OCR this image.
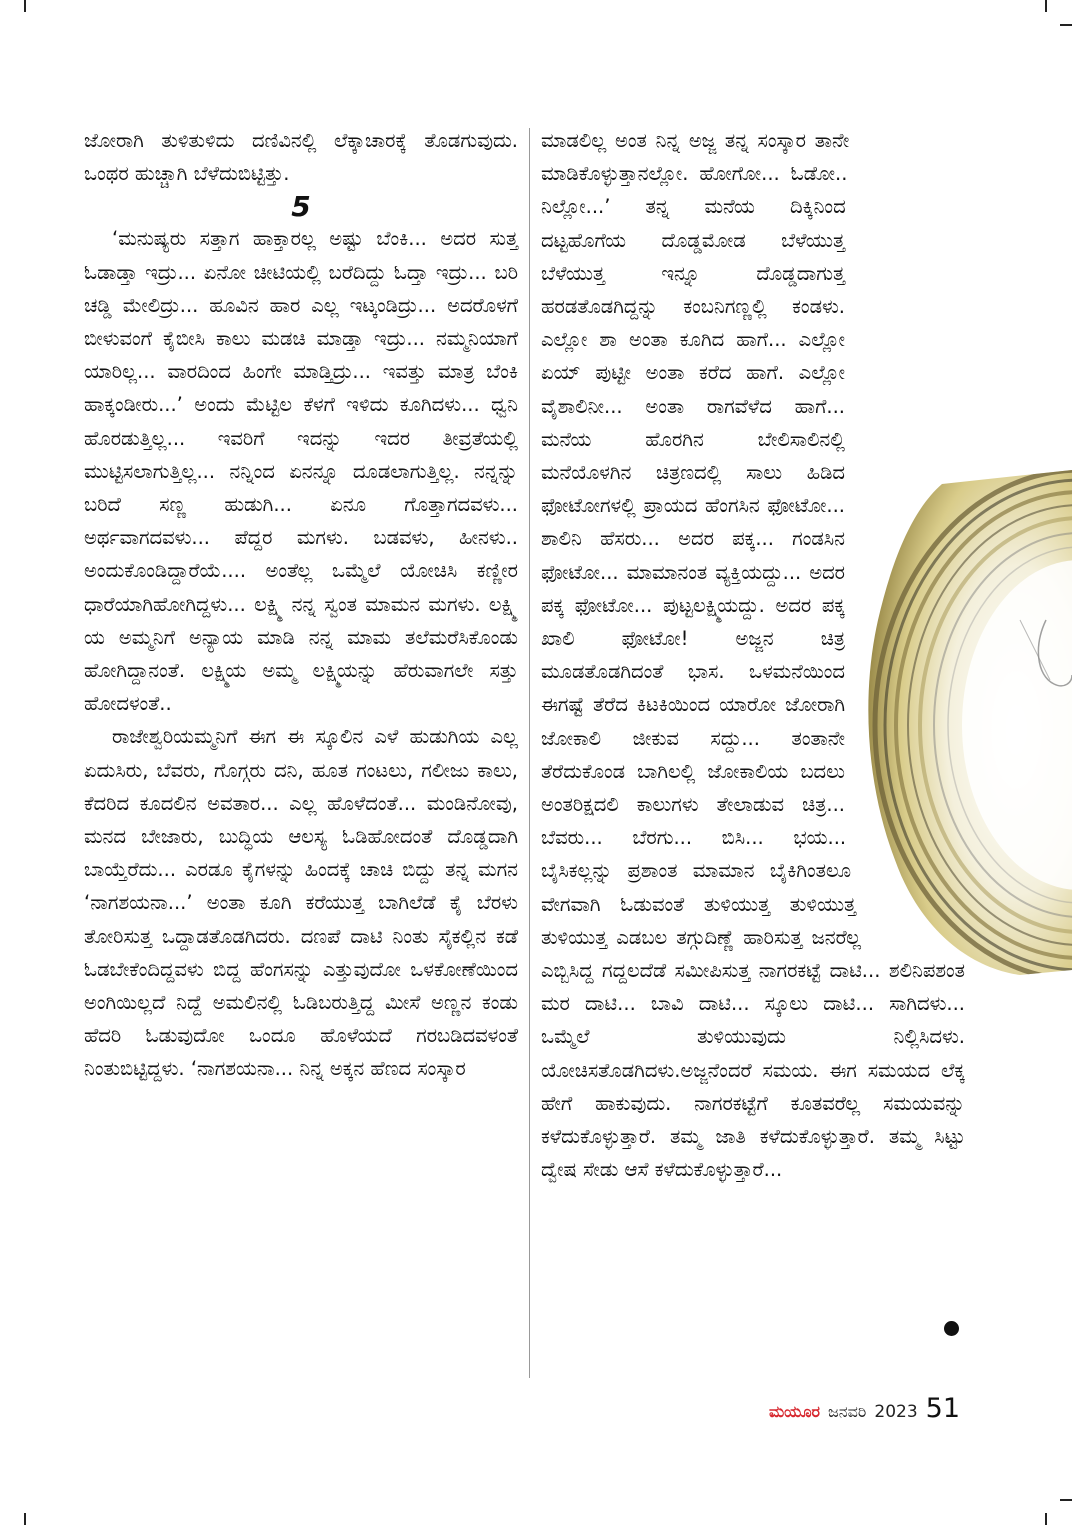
ಜೋರಾಗಿ ತುಳಿತುಳಿದು ದಣಿವಿನಲ್ಲಿ ಲೆಕ್ಕಾಚಾರಕ್ಕೆ ತೊಡಗುವುದು. ಒಂಥರ ಹುಚ್ಚಾಗಿ ಬೆಳೆದುಬಿಟ್ಟಿತ್ತು.

5

‘ಮನುಷ್ಯರು ಸತ್ತಾಗ ಹಾಕ್ತಾರಲ್ಲ ಅಷ್ಟು ಬೆಂಕಿ... ಅದರ ಸುತ್ತ ಓಡಾಡ್ತಾ ಇದ್ರು... ಏನೋ ಚೀಟಿಯಲ್ಲಿ ಬರೆದಿದ್ದು ಓದ್ತಾ ಇದ್ರು... ಬರಿ ಚಡ್ಡಿ ಮೇಲಿದ್ರು... ಹೂವಿನ ಹಾರ ಎಲ್ಲ ಇಟ್ಕಂಡಿದ್ರು... ಅದರೊಳಗೆ ಬೀಳುವಂಗೆ ಕೈಬೀಸಿ ಕಾಲು ಮಡಚಿ ಮಾಡ್ತಾ ಇದ್ರು... ನಮ್ಮನಿಯಾಗೆ ಯಾರಿಲ್ಲ... ವಾರದಿಂದ ಹಿಂಗೇ ಮಾಡ್ತಿದ್ರು... ಇವತ್ತು ಮಾತ್ರ ಬೆಂಕಿ ಹಾಕ್ಕಂಡೀರು...’ ಅಂದು ಮೆಟ್ಟಿಲ ಕೆಳಗೆ ಇಳಿದು ಕೂಗಿದಳು... ಧ್ವನಿ ಹೊರಡುತ್ತಿಲ್ಲ... ಇವರಿಗೆ ಇದನ್ನು ಇದರ ತೀವ್ರತೆಯಲ್ಲಿ ಮುಟ್ಟಿಸಲಾಗುತ್ತಿಲ್ಲ... ನನ್ನಿಂದ ಏನನ್ನೂ ದೂಡಲಾಗುತ್ತಿಲ್ಲ. ನನ್ನನ್ನು ಬರಿದೆ ಸಣ್ಣ ಹುಡುಗಿ... ಏನೂ ಗೊತ್ತಾಗದವಳು... ಅರ್ಥವಾಗದವಳು... ಪೆದ್ದರ ಮಗಳು. ಬಡವಳು, ಹೀನಳು.. ಅಂದುಕೊಂಡಿದ್ದಾರೆಯೆ.... ಅಂತೆಲ್ಲ ಒಮ್ಮೆಲೆ ಯೋಚಿಸಿ ಕಣ್ಣೀರ ಧಾರೆಯಾಗಿಹೋಗಿದ್ದಳು... ಲಕ್ಷ್ಮಿ ನನ್ನ ಸ್ವಂತ ಮಾಮನ ಮಗಳು. ಲಕ್ಷ್ಮಿ ಯ ಅಮ್ಮನಿಗೆ ಅನ್ಯಾಯ ಮಾಡಿ ನನ್ನ ಮಾಮ ತಲೆಮರೆಸಿಕೊಂಡು ಹೋಗಿದ್ದಾನಂತೆ. ಲಕ್ಷ್ಮಿಯ ಅಮ್ಮ ಲಕ್ಷ್ಮಿಯನ್ನು ಹೆರುವಾಗಲೇ ಸತ್ತು ಹೋದಳಂತೆ..

ರಾಜೇಶ್ವರಿಯಮ್ಮನಿಗೆ ಈಗ ಈ ಸ್ಕೂಲಿನ ಎಳೆ ಹುಡುಗಿಯ ಎಲ್ಲ ಏದುಸಿರು, ಬೆವರು, ಗೊಗ್ಗರು ದನಿ, ಹೂತ ಗಂಟಲು, ಗಲೀಜು ಕಾಲು, ಕೆದರಿದ ಕೂದಲಿನ ಅವತಾರ... ಎಲ್ಲ ಹೊಳೆದಂತೆ... ಮಂಡಿನೋವು, ಮನದ ಬೇಜಾರು, ಬುದ್ಧಿಯ ಆಲಸ್ಯ ಓಡಿಹೋದಂತೆ ದೊಡ್ಡದಾಗಿ ಬಾಯ್ತೆರೆದು... ಎರಡೂ ಕೈಗಳನ್ನು ಹಿಂದಕ್ಕೆ ಚಾಚಿ ಬಿದ್ದು ತನ್ನ ಮಗನ ‘ನಾಗಶಯನಾ...’ ಅಂತಾ ಕೂಗಿ ಕರೆಯುತ್ತ ಬಾಗಿಲೆಡೆ ಕೈ ಬೆರಳು ತೋರಿಸುತ್ತ ಒದ್ದಾಡತೊಡಗಿದರು. ದಣಪೆ ದಾಟಿ ನಿಂತು ಸೈಕಲ್ಲಿನ ಕಡೆ ಓಡಬೇಕೆಂದಿದ್ದವಳು ಬಿದ್ದ ಹೆಂಗಸನ್ನು ಎತ್ತುವುದೋ ಒಳಕೋಣೆಯಿಂದ ಅಂಗಿಯಿಲ್ಲದೆ ನಿದ್ದೆ ಅಮಲಿನಲ್ಲಿ ಓಡಿಬರುತ್ತಿದ್ದ ಮೀಸೆ ಅಣ್ಣನ ಕಂಡು ಹೆದರಿ ಓಡುವುದೋ ಒಂದೂ ಹೊಳೆಯದೆ ಗರಬಡಿದವಳಂತೆ ನಿಂತುಬಿಟ್ಟಿದ್ದಳು. ‘ನಾಗಶಯನಾ... ನಿನ್ನ ಅಕ್ಕನ ಹೆಣದ ಸಂಸ್ಕಾರ

ಮಾಡಲಿಲ್ಲ ಅಂತ ನಿನ್ನ ಅಜ್ಜ ತನ್ನ ಸಂಸ್ಕಾರ ತಾನೇ ಮಾಡಿಕೊಳ್ಳುತ್ತಾನಲ್ಲೋ. ಹೋಗೋ... ಓಡೋ.. ನಿಲ್ಲೋ...’ ತನ್ನ ಮನೆಯ ದಿಕ್ಕಿನಿಂದ ದಟ್ಟಹೊಗೆಯ ದೊಡ್ಡಮೋಡ ಬೆಳೆಯುತ್ತ ಬೆಳೆಯುತ್ತ ಇನ್ನೂ ದೊಡ್ಡದಾಗುತ್ತ ಹರಡತೊಡಗಿದ್ದನ್ನು ಕಂಬನಿಗಣ್ಣಲ್ಲಿ ಕಂಡಳು. ಎಲ್ಲೋ ಶಾ ಅಂತಾ ಕೂಗಿದ ಹಾಗೆ... ಎಲ್ಲೋ ಏಯ್ ಪುಟ್ಟೀ ಅಂತಾ ಕರೆದ ಹಾಗೆ. ಎಲ್ಲೋ ವೈಶಾಲಿನೀ... ಅಂತಾ ರಾಗವೆಳೆದ ಹಾಗೆ... ಮನೆಯ ಹೊರಗಿನ ಬೇಲಿಸಾಲಿನಲ್ಲಿ ಮನೆಯೊಳಗಿನ ಚಿತ್ರಣದಲ್ಲಿ ಸಾಲು ಹಿಡಿದ ಫೋಟೋಗಳಲ್ಲಿ ಪ್ರಾಯದ ಹೆಂಗಸಿನ ಫೋಟೋ... ಶಾಲಿನಿ ಹೆಸರು... ಅದರ ಪಕ್ಕ... ಗಂಡಸಿನ ಫೋಟೋ... ಮಾಮಾನಂತ ವ್ಯಕ್ತಿಯದ್ದು... ಅದರ ಪಕ್ಕ ಫೋಟೋ... ಪುಟ್ಟಲಕ್ಷ್ಮಿಯದ್ದು. ಅದರ ಪಕ್ಕ ಖಾಲಿ ಫೋಟೋ! ಅಜ್ಜನ ಚಿತ್ರ ಮೂಡತೊಡಗಿದಂತೆ ಭಾಸ. ಒಳಮನೆಯಿಂದ ಈಗಷ್ಟೆ ತೆರೆದ ಕಿಟಕಿಯಿಂದ ಯಾರೋ ಜೋರಾಗಿ ಜೋಕಾಲಿ ಜೀಕುವ ಸದ್ದು... ತಂತಾನೇ ತೆರೆದುಕೊಂಡ ಬಾಗಿಲಲ್ಲಿ ಜೋಕಾಲಿಯ ಬದಲು ಅಂತರಿಕ್ಷದಲಿ ಕಾಲುಗಳು ತೇಲಾಡುವ ಚಿತ್ರ... ಬೆವರು... ಬೆರಗು... ಬಿಸಿ... ಭಯ... ಬೈಸಿಕಲ್ಲನ್ನು ಪ್ರಶಾಂತ ಮಾಮಾನ ಬೈಕಿಗಿಂತಲೂ ವೇಗವಾಗಿ ಓಡುವಂತೆ ತುಳಿಯುತ್ತ ತುಳಿಯುತ್ತ ತುಳಿಯುತ್ತ ಎಡಬಲ ತಗ್ಗುದಿಣ್ಣೆ ಹಾರಿಸುತ್ತ ಜನರೆಲ್ಲ ಎಬ್ಬಿಸಿದ್ದ ಗದ್ದಲದೆಡೆ ಸಮೀಪಿಸುತ್ತ ನಾಗರಕಟ್ಟೆ ದಾಟಿ... ಶಲಿನಿಪಶಂತ ಮರ ದಾಟಿ... ಬಾವಿ ದಾಟಿ... ಸ್ಕೂಲು ದಾಟಿ... ಸಾಗಿದಳು... ಒಮ್ಮೆಲೆ ತುಳಿಯುವುದು ನಿಲ್ಲಿಸಿದಳು. ಯೋಚಿಸತೊಡಗಿದಳು.ಅಜ್ಜನೆಂದರೆ ಸಮಯ. ಈಗ ಸಮಯದ ಲೆಕ್ಕ ಹೇಗೆ ಹಾಕುವುದು. ನಾಗರಕಟ್ಟೆಗೆ ಕೂತವರೆಲ್ಲ ಸಮಯವನ್ನು ಕಳೆದುಕೊಳ್ಳುತ್ತಾರೆ. ತಮ್ಮ ಜಾತಿ ಕಳೆದುಕೊಳ್ಳುತ್ತಾರೆ. ತಮ್ಮ ಸಿಟ್ಟು ದ್ವೇಷ ಸೇಡು ಆಸೆ ಕಳೆದುಕೊಳ್ಳುತ್ತಾರೆ...

ಮಯೂರ ಜನವರಿ 2023 51
